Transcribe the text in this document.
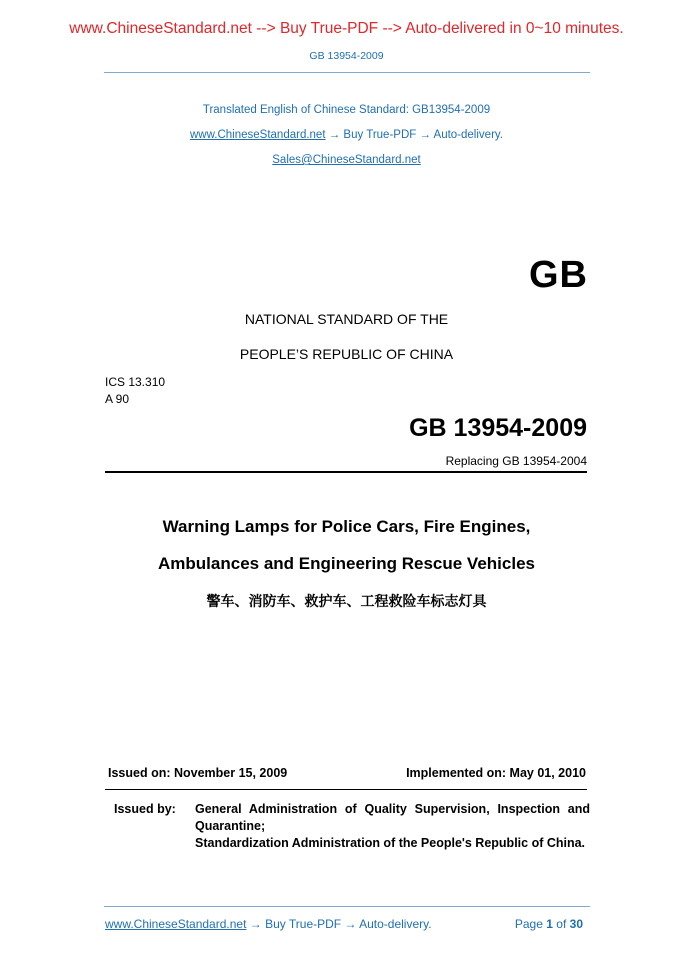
www.ChineseStandard.net --> Buy True-PDF --> Auto-delivered in 0~10 minutes.
GB 13954-2009
Translated English of Chinese Standard: GB13954-2009
www.ChineseStandard.net → Buy True-PDF → Auto-delivery.
Sales@ChineseStandard.net
GB
NATIONAL STANDARD OF THE
PEOPLE’S REPUBLIC OF CHINA
ICS 13.310
A 90
GB 13954-2009
Replacing GB 13954-2004
Warning Lamps for Police Cars, Fire Engines,
Ambulances and Engineering Rescue Vehicles
警车、消防车、救护车、工程救险车标志灯具
Issued on: November 15, 2009	Implemented on: May 01, 2010
Issued by: General Administration of Quality Supervision, Inspection and Quarantine;

Standardization Administration of the People's Republic of China.

www.ChineseStandard.net → Buy True-PDF → Auto-delivery.	Page 1 of 30
